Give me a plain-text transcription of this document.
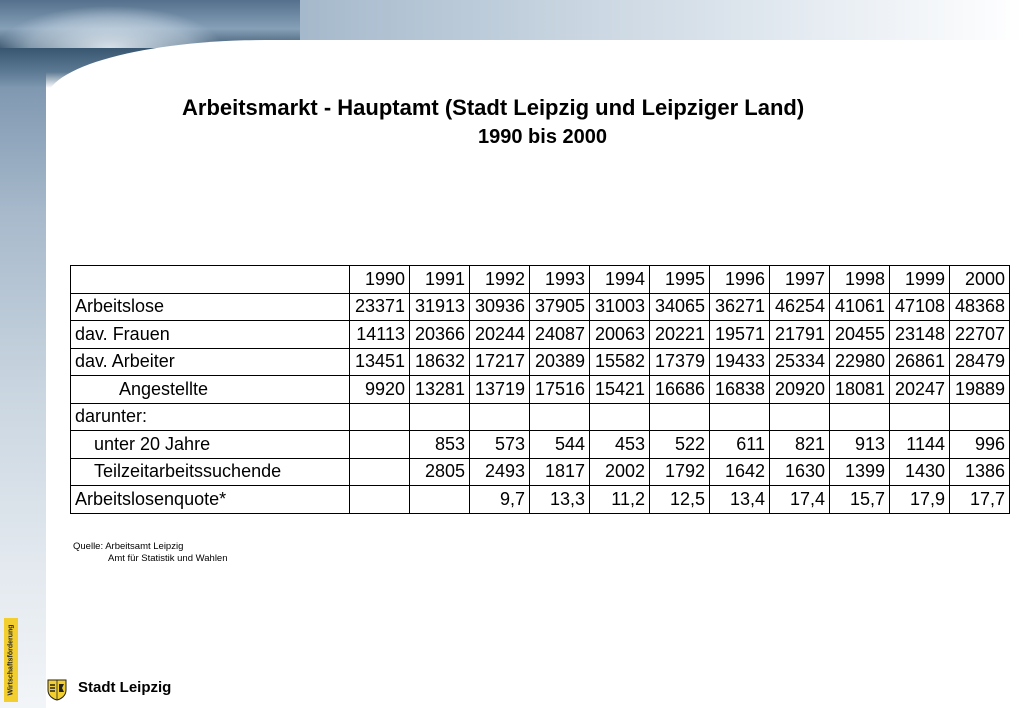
Wirtschaftsförderung
Arbeitsmarkt - Hauptamt (Stadt Leipzig und Leipziger Land)
1990 bis 2000
	1990	1991	1992	1993	1994	1995	1996	1997	1998	1999	2000
Arbeitslose	23371	31913	30936	37905	31003	34065	36271	46254	41061	47108	48368
dav. Frauen	14113	20366	20244	24087	20063	20221	19571	21791	20455	23148	22707
dav. Arbeiter	13451	18632	17217	20389	15582	17379	19433	25334	22980	26861	28479
Angestellte	9920	13281	13719	17516	15421	16686	16838	20920	18081	20247	19889
darunter:											
unter 20 Jahre		853	573	544	453	522	611	821	913	1144	996
Teilzeitarbeitssuchende		2805	2493	1817	2002	1792	1642	1630	1399	1430	1386
Arbeitslosenquote*			9,7	13,3	11,2	12,5	13,4	17,4	15,7	17,9	17,7
Quelle: Arbeitsamt Leipzig
Amt für Statistik und Wahlen
Stadt Leipzig
